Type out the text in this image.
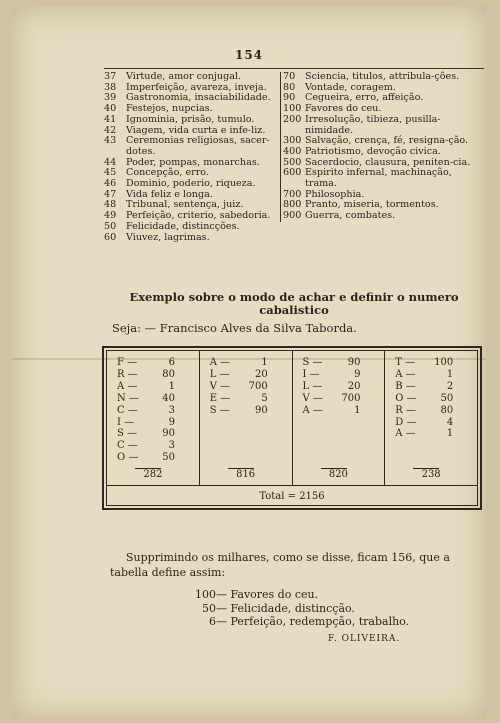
154
37	Virtude, amor conjugal.
38	Imperfeição, avareza, inveja.
39	Gastronomia, insaciabilidade.
40	Festejos, nupcias.
41	Ignominia, prisão, tumulo.
42	Viagem, vida curta e infe-liz.
43	Ceremonias religiosas, sacer-dotes.
44	Poder, pompas, monarchas.
45	Concepção, erro.
46	Dominio, poderio, riqueza.
47	Vida feliz e longa.
48	Tribunal, sentença, juiz.
49	Perfeição, criterio, sabedoria.
50	Felicidade, distincções.
60	Viuvez, lagrimas.
70	Sciencia, titulos, attribula-ções.
80	Vontade, coragem.
90	Cegueira, erro, affeição.
100 Favores do ceu.
200 Irresolução, tibieza, pusilla-nimidade.
300 Salvação, crença, fé, resigna-ção.
400 Patriotismo, devoção civica.
500 Sacerdocio, clausura, peniten-cia.
600 Espirito infernal, machinação, trama.
700 Philosophia.
800 Pranto, miseria, tormentos.
900 Guerra, combates.
Exemplo sobre o modo de achar e definir o numero cabalistico
Seja: — Francisco Alves da Silva Taborda.
F —	6
R —	80
A —	1
N —	40
C —	3
I —	9
S —	90
C —	3
O —	50
282
A —	1
L —	20
V —	700
E —	5
S —	90
816
S —	90
I —	9
L —	20
V —	700
A —	1
820
T —	100
A —	1
B —	2
O —	50
R —	80
D —	4
A —	1
238
Total = 2156
Supprimindo os milhares, como se disse, ficam 156, que a tabella define assim:
100 — Favores do ceu.
50 — Felicidade, distincção.
6 — Perfeição, redempção, trabalho.
F. OLIVEIRA.
